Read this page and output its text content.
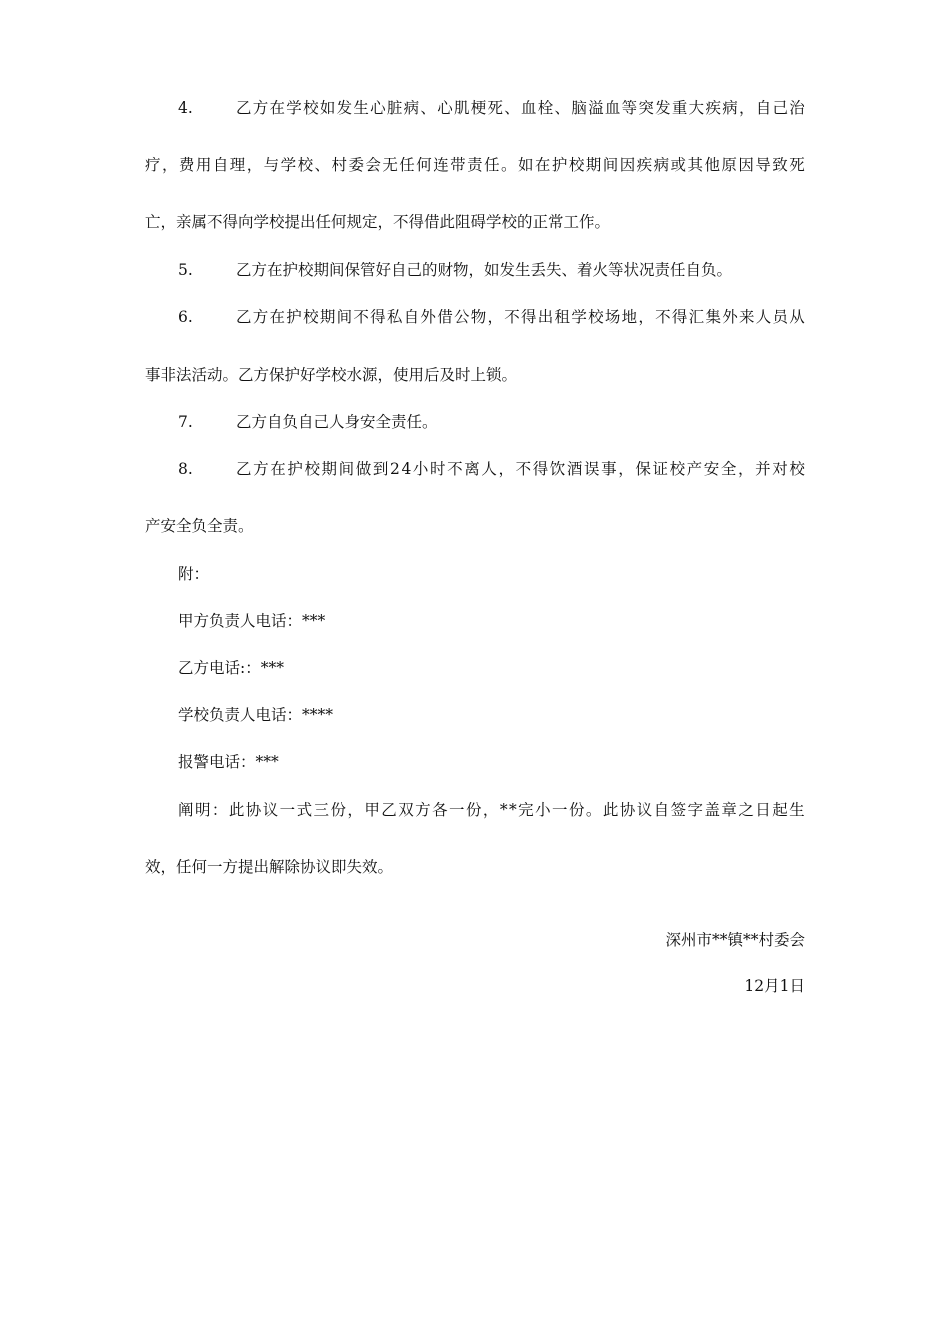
4.	乙 方 在 学 校 如 发 生 心 脏 病 、 心 肌 梗 死 、 血 栓 、 脑 溢 血 等 突 发 重 大 疾 病 ， 自 己 治
疗 ， 费 用 自 理 ， 与 学 校 、 村 委 会 无 任 何 连 带 责 任 。 如 在 护 校 期 间 因 疾 病 或 其 他 原 因 导 致 死
亡，亲属不得向学校提出任何规定，不得借此阻碍学校的正常工作。
5.	乙方在护校期间保管好自己的财物，如发生丢失、着火等状况责任自负。
6.	乙 方 在 护 校 期 间 不 得 私 自 外 借 公 物 ， 不 得 出 租 学 校 场 地 ， 不 得 汇 集 外 来 人 员 从
事非法活动。乙方保护好学校水源，使用后及时上锁。
7.	乙方自负自己人身安全责任。
8.	乙 方 在 护 校 期 间 做 到 2 4 小 时 不 离 人 ， 不 得 饮 酒 误 事 ， 保 证 校 产 安 全 ， 并 对 校
产安全负全责。
附：
甲方负责人电话：***
乙方电话:：***
学校负责人电话：****
报警电话：***
阐 明 ： 此 协 议 一 式 三 份 ， 甲 乙 双 方 各 一 份 ， * * 完 小 一 份 。 此 协 议 自 签 字 盖 章 之 日 起 生
效，任何一方提出解除协议即失效。
深州市**镇**村委会
12月1日
